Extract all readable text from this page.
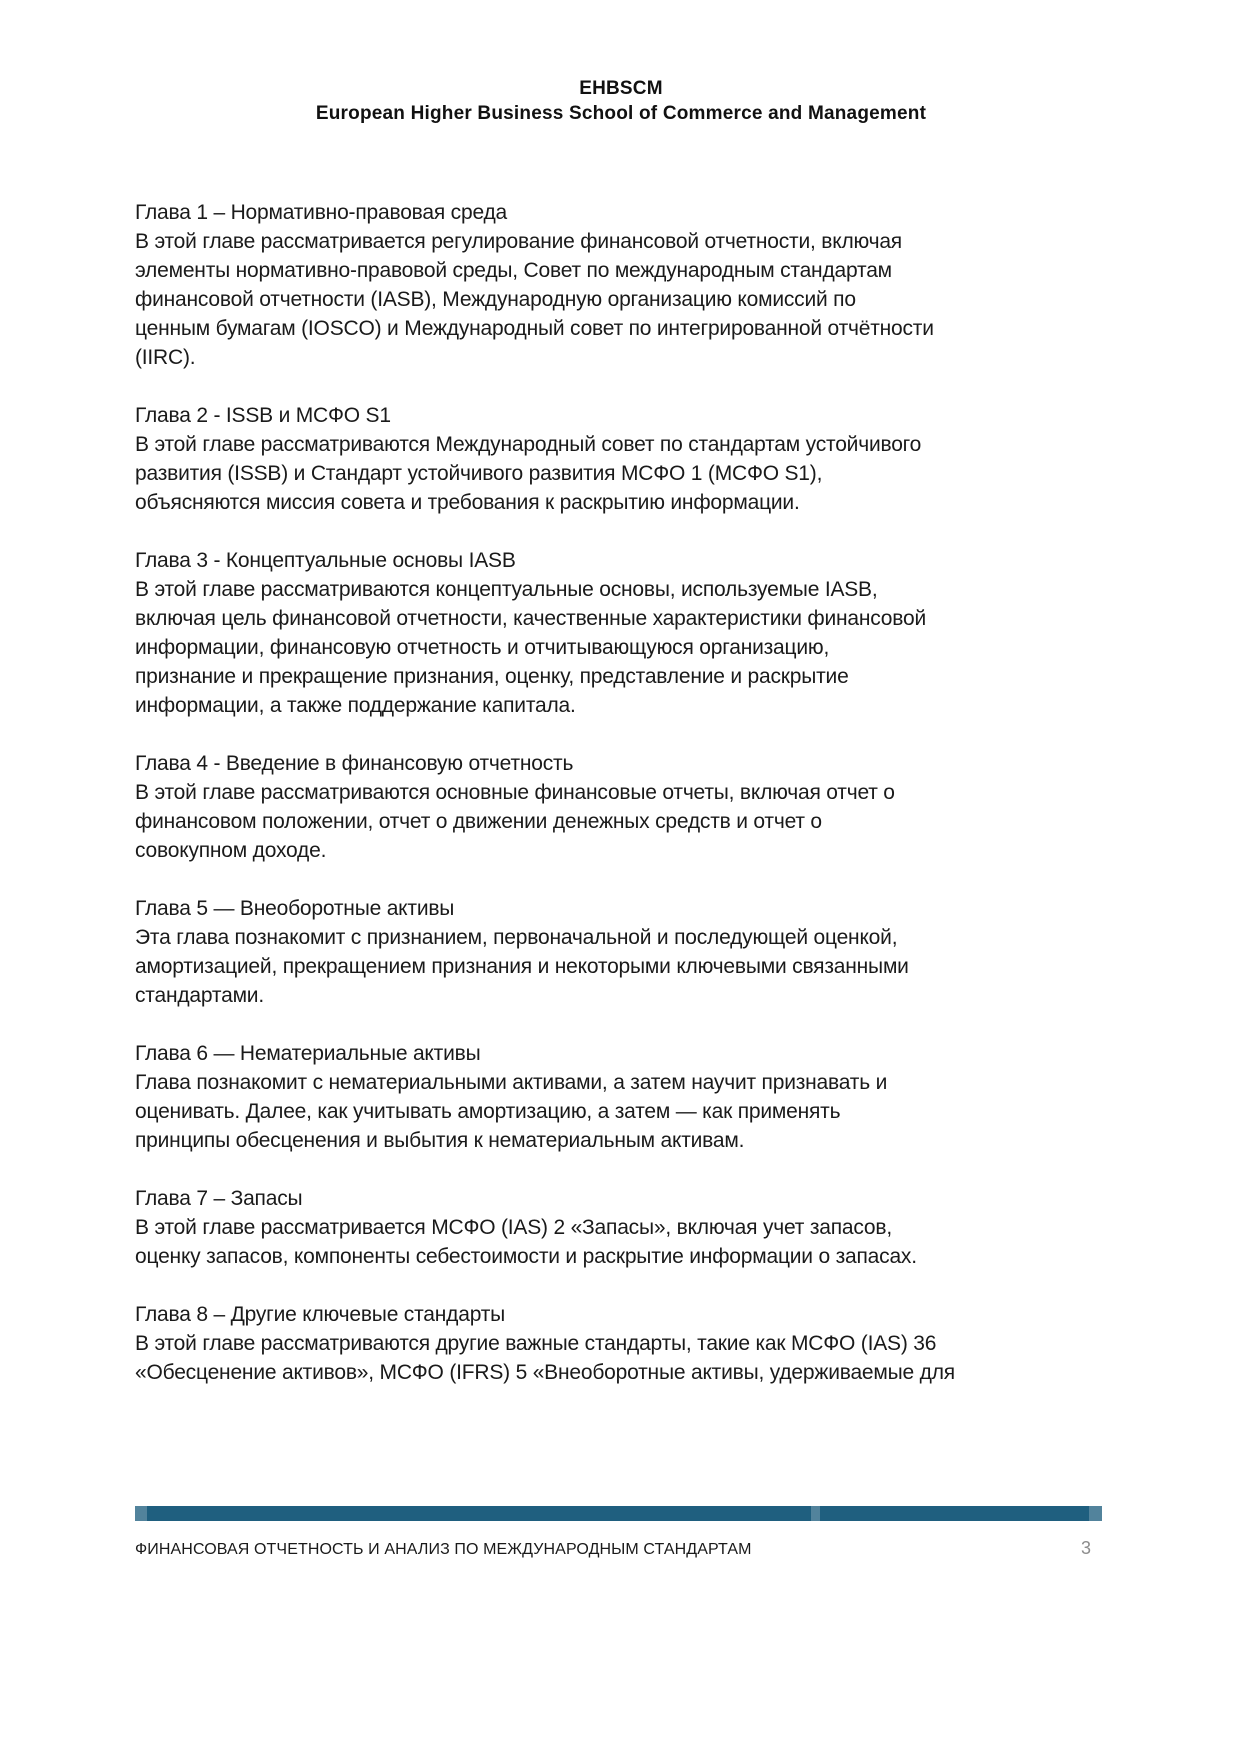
EHBSCM
European Higher Business School of Commerce and Management
Глава 1 – Нормативно-правовая среда
В этой главе рассматривается регулирование финансовой отчетности, включая
элементы нормативно-правовой среды, Совет по международным стандартам
финансовой отчетности (IASB), Международную организацию комиссий по
ценным бумагам (IOSCO) и Международный совет по интегрированной отчётности
(IIRC).
Глава 2 - ISSB и МСФО S1
В этой главе рассматриваются Международный совет по стандартам устойчивого
развития (ISSB) и Стандарт устойчивого развития МСФО 1 (МСФО S1),
объясняются миссия совета и требования к раскрытию информации.
Глава 3 - Концептуальные основы IASB
В этой главе рассматриваются концептуальные основы, используемые IASB,
включая цель финансовой отчетности, качественные характеристики финансовой
информации, финансовую отчетность и отчитывающуюся организацию,
признание и прекращение признания, оценку, представление и раскрытие
информации, а также поддержание капитала.
Глава 4 - Введение в финансовую отчетность
В этой главе рассматриваются основные финансовые отчеты, включая отчет о
финансовом положении, отчет о движении денежных средств и отчет о
совокупном доходе.
Глава 5 — Внеоборотные активы
Эта глава познакомит с признанием, первоначальной и последующей оценкой,
амортизацией, прекращением признания и некоторыми ключевыми связанными
стандартами.
Глава 6 — Нематериальные активы
Глава познакомит с нематериальными активами, а затем научит признавать и
оценивать. Далее, как учитывать амортизацию, а затем — как применять
принципы обесценения и выбытия к нематериальным активам.
Глава 7 – Запасы
В этой главе рассматривается МСФО (IAS) 2 «Запасы», включая учет запасов,
оценку запасов, компоненты себестоимости и раскрытие информации о запасах.
Глава 8 – Другие ключевые стандарты
В этой главе рассматриваются другие важные стандарты, такие как МСФО (IAS) 36
«Обесценение активов», МСФО (IFRS) 5 «Внеоборотные активы, удерживаемые для
ФИНАНСОВАЯ ОТЧЕТНОСТЬ И АНАЛИЗ ПО МЕЖДУНАРОДНЫМ СТАНДАРТАМ	3
